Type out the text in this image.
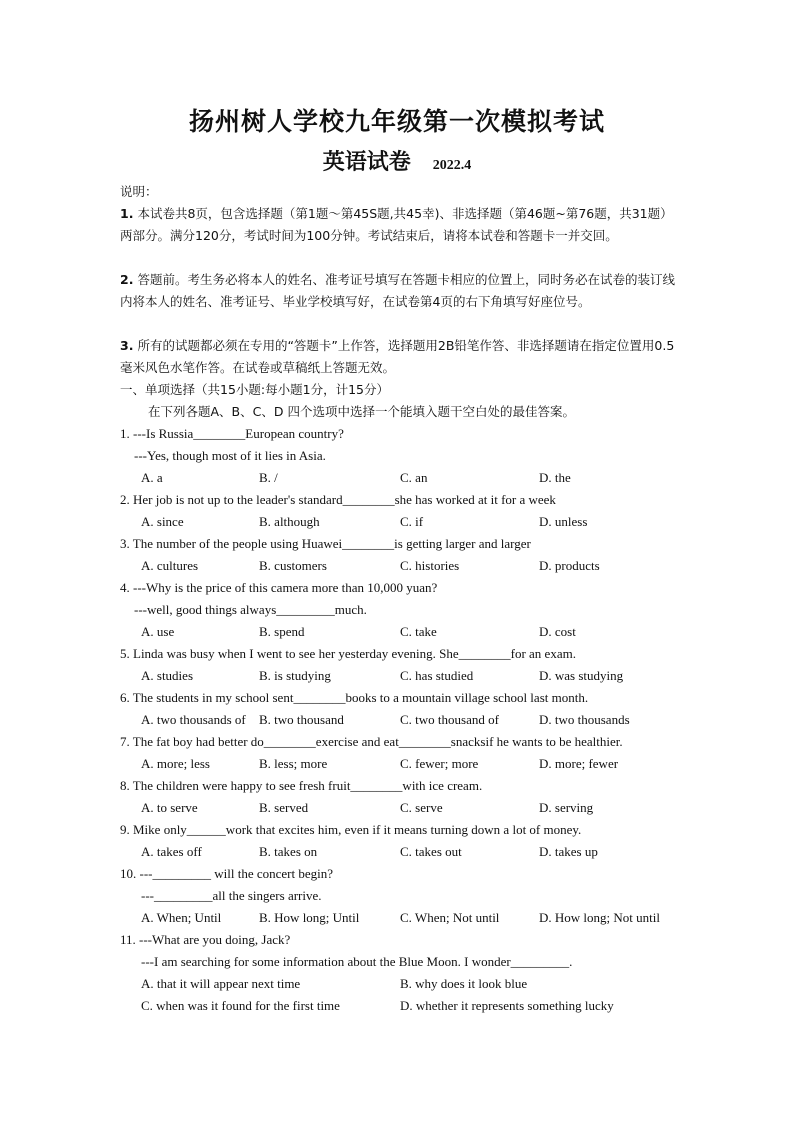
扬州树人学校九年级第一次模拟考试
英语试卷 2022.4
说明：
1. 本试卷共8页，包含选择题（第1题～第45S题,共45幸)、非选择题（第46题~第76题，共31题）两部分。满分120分，考试时间为100分钟。考试结束后，请将本试卷和答题卡一并交回。
2. 答题前。考生务必将本人的姓名、准考证号填写在答题卡相应的位置上，同时务必在试卷的装订线内将本人的姓名、准考证号、毕业学校填写好，在试卷第4页的右下角填写好座位号。
3. 所有的试题都必须在专用的“答题卡”上作答，选择题用2B铅笔作答、非选择题请在指定位置用0.5毫米风色水笔作答。在试卷或草稿纸上答题无效。
一、单项选择（共15小题:每小题1分，计15分）
在下列各题A、B、C、D 四个选项中选择一个能填入题干空白处的最佳答案。
1. ---Is Russia________European country?
---Yes, though most of it lies in Asia.
A. a	B. /	C. an	D. the
2. Her job is not up to the leader's standard________she has worked at it for a week
A. since	B. although	C. if	D. unless
3. The number of the people using Huawei________is getting larger and larger
A. cultures	B. customers	C. histories	D. products
4. ---Why is the price of this camera more than 10,000 yuan?
---well, good things always_________much.
A. use	B. spend	C. take	D. cost
5. Linda was busy when I went to see her yesterday evening. She________for an exam.
A. studies	B. is studying	C. has studied	D. was studying
6. The students in my school sent________books to a mountain village school last month.
A. two thousands of B. two thousand	C. two thousand of	D. two thousands
7. The fat boy had better do________exercise and eat________snacksif he wants to be healthier.
A. more; less	B. less; more	C. fewer; more	D. more; fewer
8. The children were happy to see fresh fruit________with ice cream.
A. to serve	B. served	C. serve	D. serving
9. Mike only______work that excites him, even if it means turning down a lot of money.
A. takes off	B. takes on	C. takes out	D. takes up
10. ---_________ will the concert begin?
---_________all the singers arrive.
A. When; Until	B. How long; Until	C. When; Not until	D. How long; Not until
11. ---What are you doing, Jack?
---I am searching for some information about the Blue Moon. I wonder_________.
A. that it will appear next time	B. why does it look blue
C. when was it found for the first time	D. whether it represents something lucky
